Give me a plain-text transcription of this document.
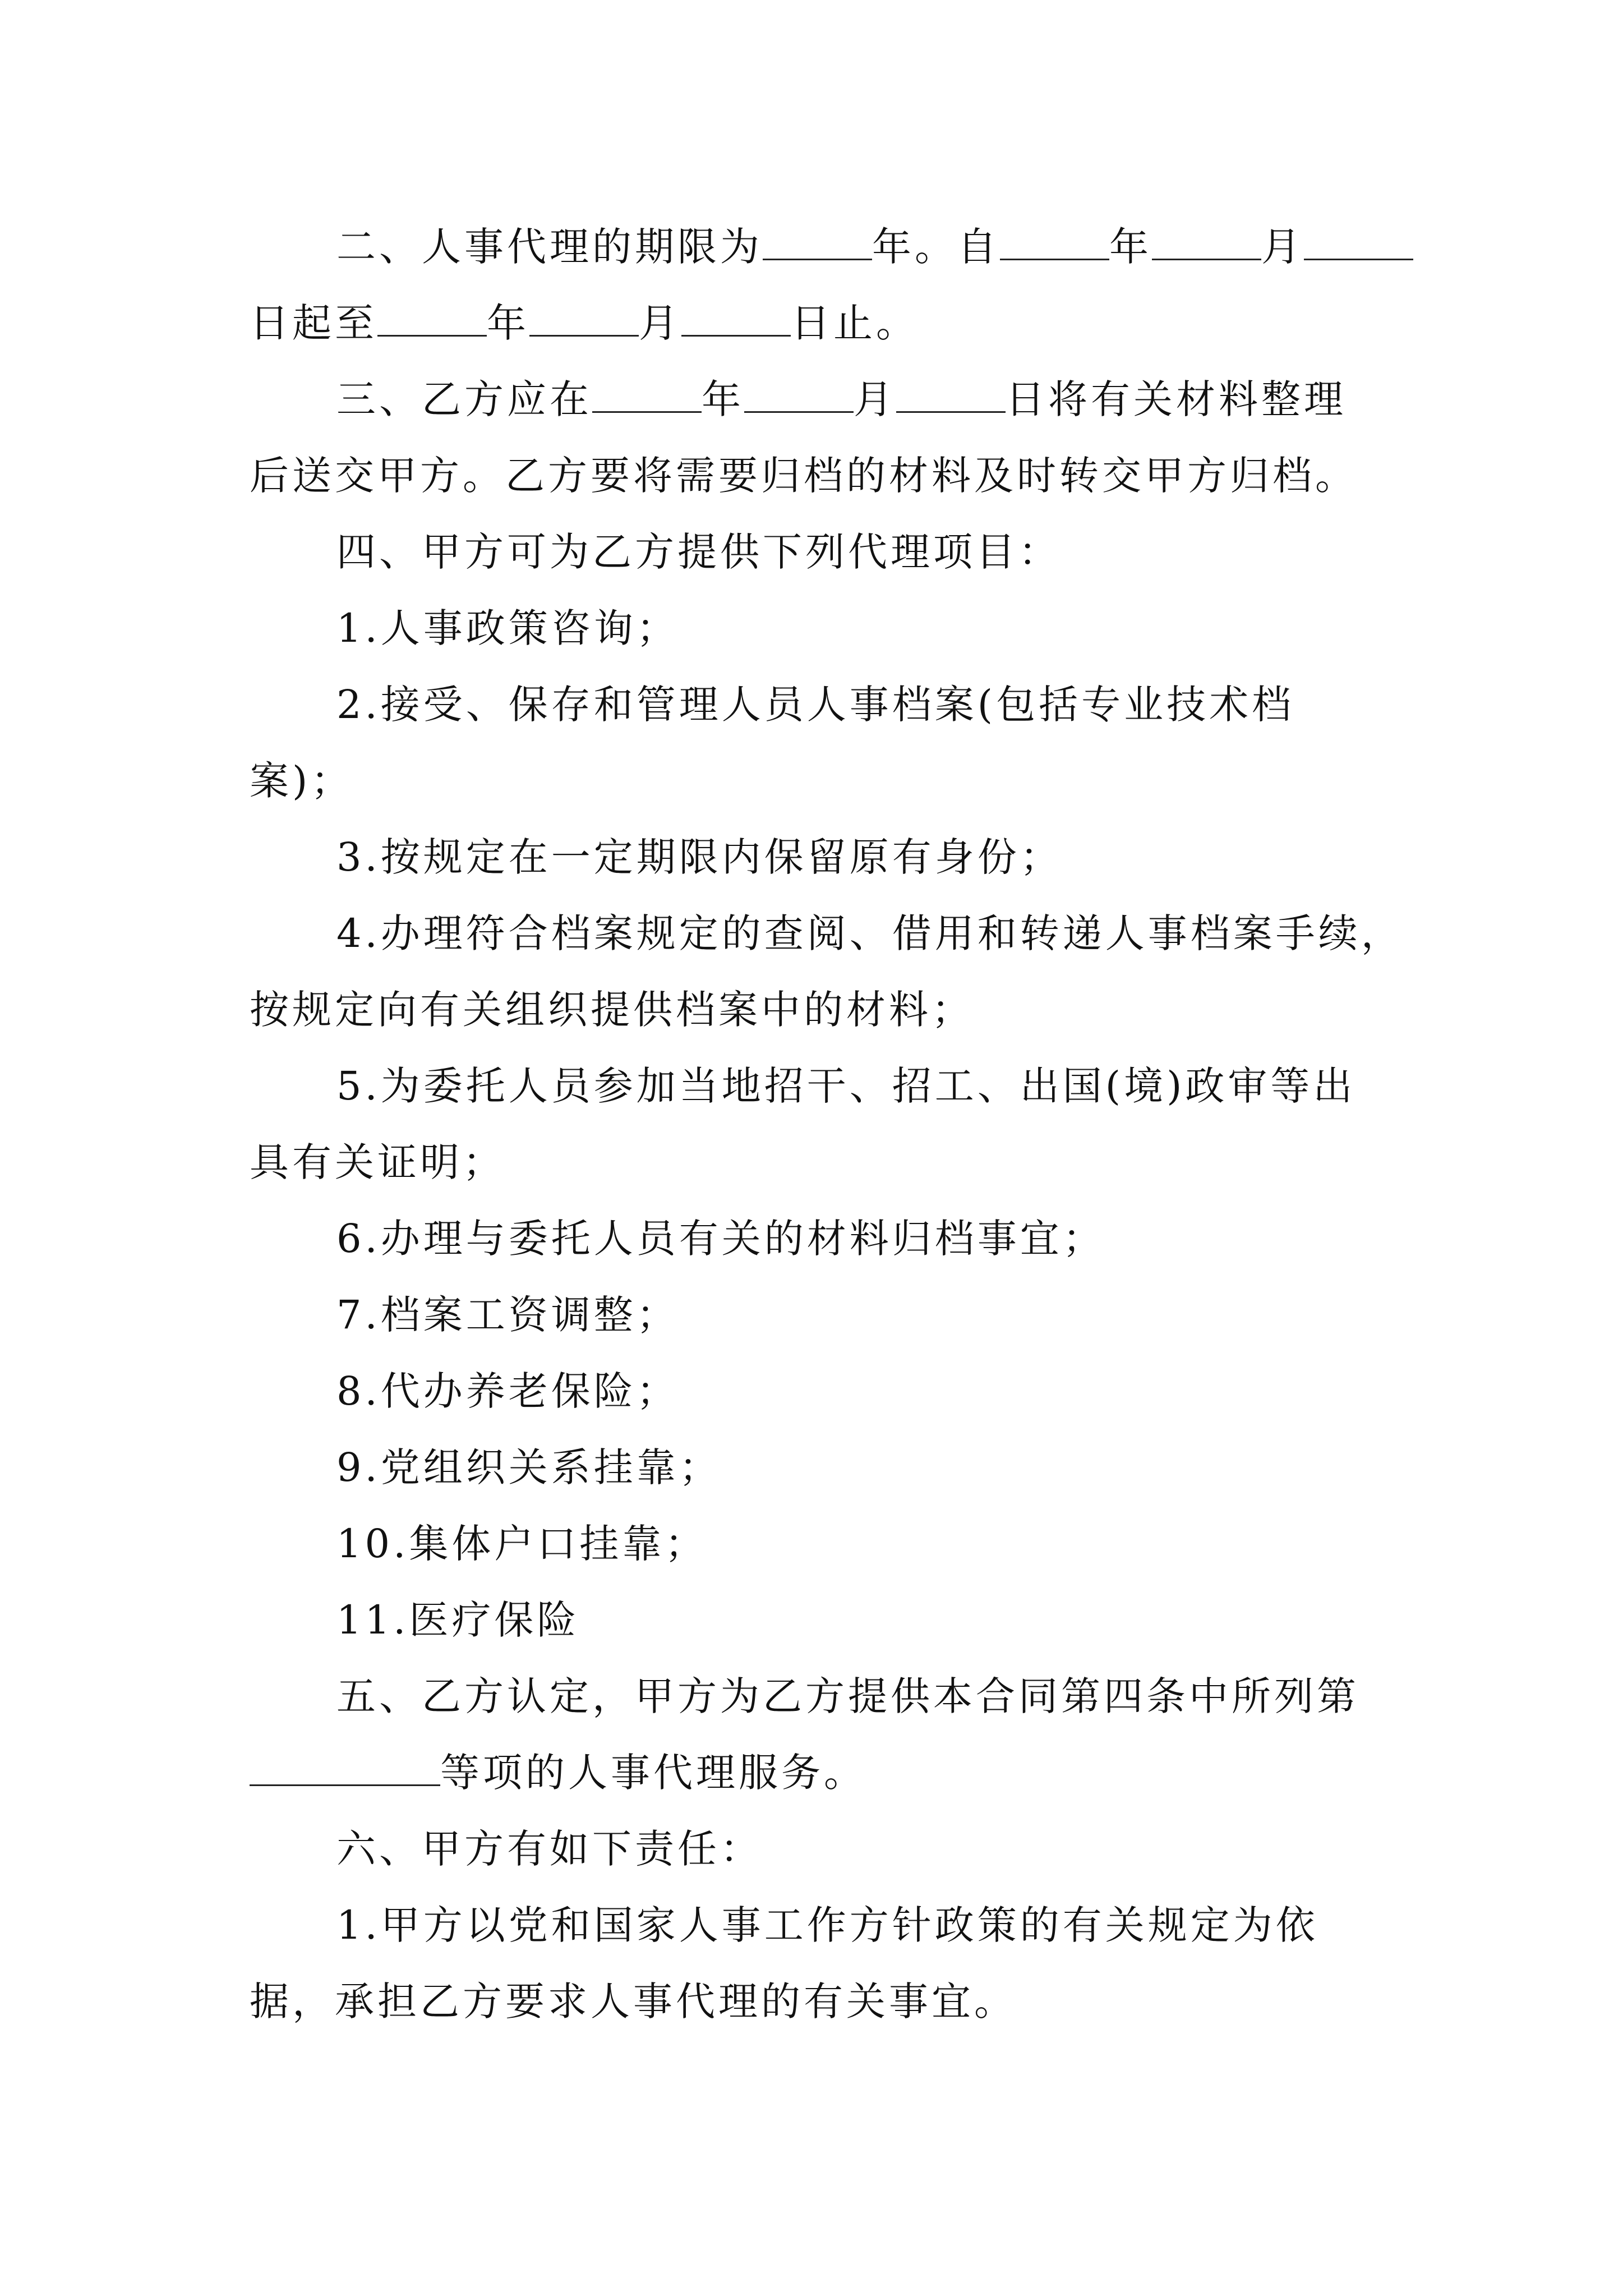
二、人事代理的期限为	年。自	年	月

日起至	年	月	日止。

三、乙方应在	年	月	日将有关材料整理

后送交甲方。乙方要将需要归档的材料及时转交甲方归档。

四、甲方可为乙方提供下列代理项目：

1.人事政策咨询；

2.接受、保存和管理人员人事档案(包括专业技术档

案)；

3.按规定在一定期限内保留原有身份；

4.办理符合档案规定的查阅、借用和转递人事档案手续，

按规定向有关组织提供档案中的材料；

5.为委托人员参加当地招干、招工、出国(境)政审等出

具有关证明；

6.办理与委托人员有关的材料归档事宜；

7.档案工资调整；

8.代办养老保险；

9.党组织关系挂靠；

10.集体户口挂靠；

11.医疗保险

五、乙方认定，甲方为乙方提供本合同第四条中所列第

等项的人事代理服务。

六、甲方有如下责任：

1.甲方以党和国家人事工作方针政策的有关规定为依

据，承担乙方要求人事代理的有关事宜。
